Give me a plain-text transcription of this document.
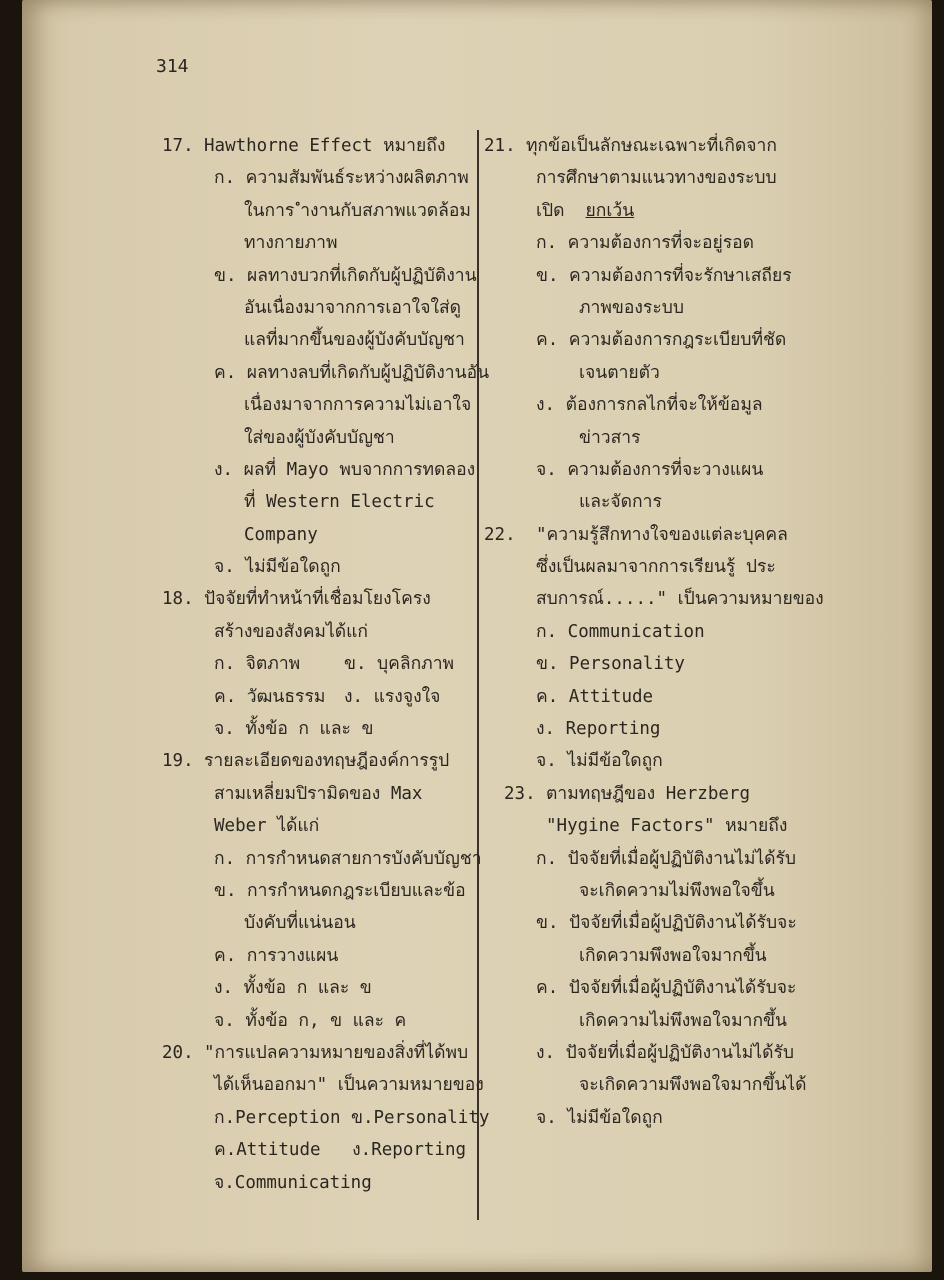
314
17. Hawthorne Effect หมายถึง
ก. ความสัมพันธ์ระหว่างผลิตภาพ
ในการ ํางานกับสภาพแวดล้อม
ทางกายภาพ
ข. ผลทางบวกที่เกิดกับผู้ปฏิบัติงาน
อันเนื่องมาจากการเอาใจใส่ดู
แลที่มากขึ้นของผู้บังคับบัญชา
ค. ผลทางลบที่เกิดกับผู้ปฏิบัติงานอัน
เนื่องมาจากการความไม่เอาใจ
ใส่ของผู้บังคับบัญชา
ง. ผลที่ Mayo พบจากการทดลอง
ที่ Western Electric
Company
จ. ไม่มีข้อใดถูก
18. ปัจจัยที่ทำหน้าที่เชื่อมโยงโครง
สร้างของสังคมได้แก่
ก. จิตภาพ	ข. บุคลิกภาพ
ค. วัฒนธรรม	ง. แรงจูงใจ
จ. ทั้งข้อ ก และ ข
19. รายละเอียดของทฤษฎีองค์การรูป
สามเหลี่ยมปิรามิดของ Max
Weber ได้แก่
ก. การกำหนดสายการบังคับบัญชา
ข. การกำหนดกฎระเบียบและข้อ
บังคับที่แน่นอน
ค. การวางแผน
ง. ทั้งข้อ ก และ ข
จ. ทั้งข้อ ก, ข และ ค
20. "การแปลความหมายของสิ่งที่ได้พบ
ได้เห็นออกมา" เป็นความหมายของ
ก.Perception ข.Personality
ค.Attitude   ง.Reporting
จ.Communicating
21. ทุกข้อเป็นลักษณะเฉพาะที่เกิดจาก
การศึกษาตามแนวทางของระบบ
เปิด ยกเว้น
ก. ความต้องการที่จะอยู่รอด
ข. ความต้องการที่จะรักษาเสถียร
ภาพของระบบ
ค. ความต้องการกฎระเบียบที่ชัด
เจนตายตัว
ง. ต้องการกลไกที่จะให้ข้อมูล
ข่าวสาร
จ. ความต้องการที่จะวางแผน
และจัดการ
22.	"ความรู้สึกทางใจของแต่ละบุคคล
ซึ่งเป็นผลมาจากการเรียนรู้ ประ
สบการณ์....." เป็นความหมายของ
ก. Communication
ข. Personality
ค. Attitude
ง. Reporting
จ. ไม่มีข้อใดถูก
23. ตามทฤษฎีของ Herzberg
"Hygine Factors" หมายถึง
ก. ปัจจัยที่เมื่อผู้ปฏิบัติงานไม่ได้รับ
จะเกิดความไม่พึงพอใจขึ้น
ข. ปัจจัยที่เมื่อผู้ปฏิบัติงานได้รับจะ
เกิดความพึงพอใจมากขึ้น
ค. ปัจจัยที่เมื่อผู้ปฏิบัติงานได้รับจะ
เกิดความไม่พึงพอใจมากขึ้น
ง. ปัจจัยที่เมื่อผู้ปฏิบัติงานไม่ได้รับ
จะเกิดความพึงพอใจมากขึ้นได้
จ. ไม่มีข้อใดถูก
